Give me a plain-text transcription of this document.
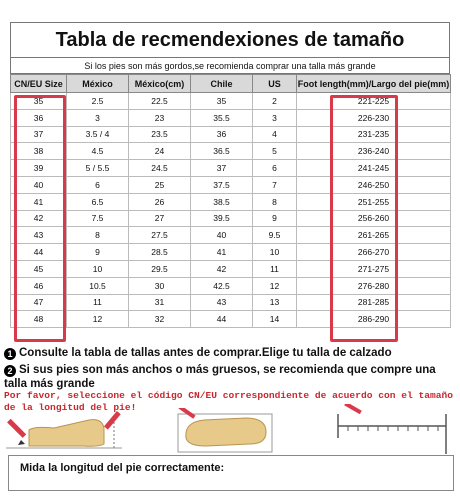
Tabla de recmendexiones de tamaño
Si los pies son más gordos,se recomienda comprar una talla más grande
CN/EU Size	México	México(cm)	Chile	US	Foot length(mm)/Largo del pie(mm)
35	2.5	22.5	35	2	221-225
36	3	23	35.5	3	226-230
37	3.5 / 4	23.5	36	4	231-235
38	4.5	24	36.5	5	236-240
39	5 / 5.5	24.5	37	6	241-245
40	6	25	37.5	7	246-250
41	6.5	26	38.5	8	251-255
42	7.5	27	39.5	9	256-260
43	8	27.5	40	9.5	261-265
44	9	28.5	41	10	266-270
45	10	29.5	42	11	271-275
46	10.5	30	42.5	12	276-280
47	11	31	43	13	281-285
48	12	32	44	14	286-290
1 Consulte la tabla de tallas antes de comprar.Elige tu talla de calzado
2 Si sus pies son más anchos o más gruesos, se recomienda que compre una talla más grande
Por favor, seleccione el código CN/EU correspondiente de acuerdo con el tamaño de la longitud del pie!
Mida la longitud del pie correctamente:
